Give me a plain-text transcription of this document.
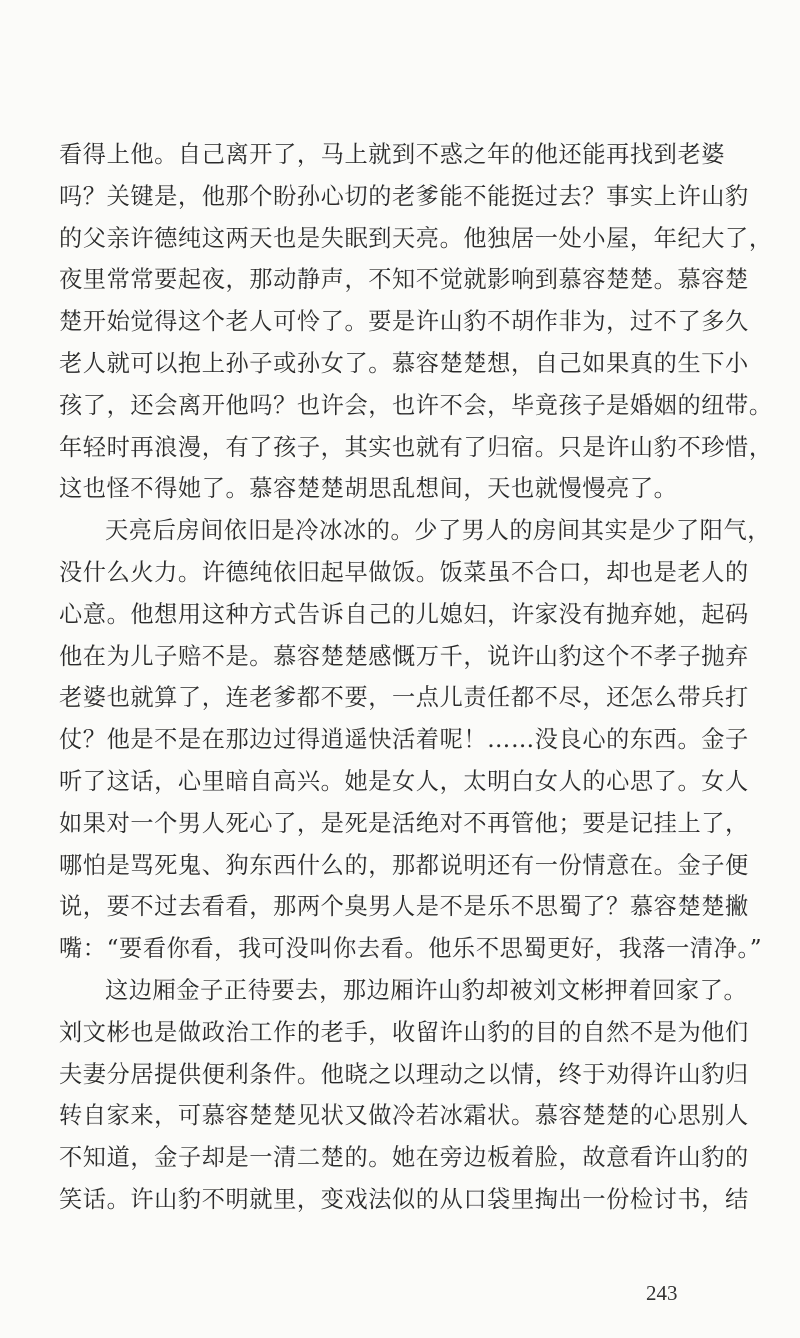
看得上他。自己离开了，马上就到不惑之年的他还能再找到老婆
吗？关键是，他那个盼孙心切的老爹能不能挺过去？事实上许山豹
的父亲许德纯这两天也是失眠到天亮。他独居一处小屋，年纪大了，
夜里常常要起夜，那动静声，不知不觉就影响到慕容楚楚。慕容楚
楚开始觉得这个老人可怜了。要是许山豹不胡作非为，过不了多久
老人就可以抱上孙子或孙女了。慕容楚楚想，自己如果真的生下小
孩了，还会离开他吗？也许会，也许不会，毕竟孩子是婚姻的纽带。
年轻时再浪漫，有了孩子，其实也就有了归宿。只是许山豹不珍惜，
这也怪不得她了。慕容楚楚胡思乱想间，天也就慢慢亮了。
天亮后房间依旧是冷冰冰的。少了男人的房间其实是少了阳气，
没什么火力。许德纯依旧起早做饭。饭菜虽不合口，却也是老人的
心意。他想用这种方式告诉自己的儿媳妇，许家没有抛弃她，起码
他在为儿子赔不是。慕容楚楚感慨万千，说许山豹这个不孝子抛弃
老婆也就算了，连老爹都不要，一点儿责任都不尽，还怎么带兵打
仗？他是不是在那边过得逍遥快活着呢！……没良心的东西。金子
听了这话，心里暗自高兴。她是女人，太明白女人的心思了。女人
如果对一个男人死心了，是死是活绝对不再管他；要是记挂上了，
哪怕是骂死鬼、狗东西什么的，那都说明还有一份情意在。金子便
说，要不过去看看，那两个臭男人是不是乐不思蜀了？慕容楚楚撇
嘴：“要看你看，我可没叫你去看。他乐不思蜀更好，我落一清净。”
这边厢金子正待要去，那边厢许山豹却被刘文彬押着回家了。
刘文彬也是做政治工作的老手，收留许山豹的目的自然不是为他们
夫妻分居提供便利条件。他晓之以理动之以情，终于劝得许山豹归
转自家来，可慕容楚楚见状又做冷若冰霜状。慕容楚楚的心思别人
不知道，金子却是一清二楚的。她在旁边板着脸，故意看许山豹的
笑话。许山豹不明就里，变戏法似的从口袋里掏出一份检讨书，结
243
